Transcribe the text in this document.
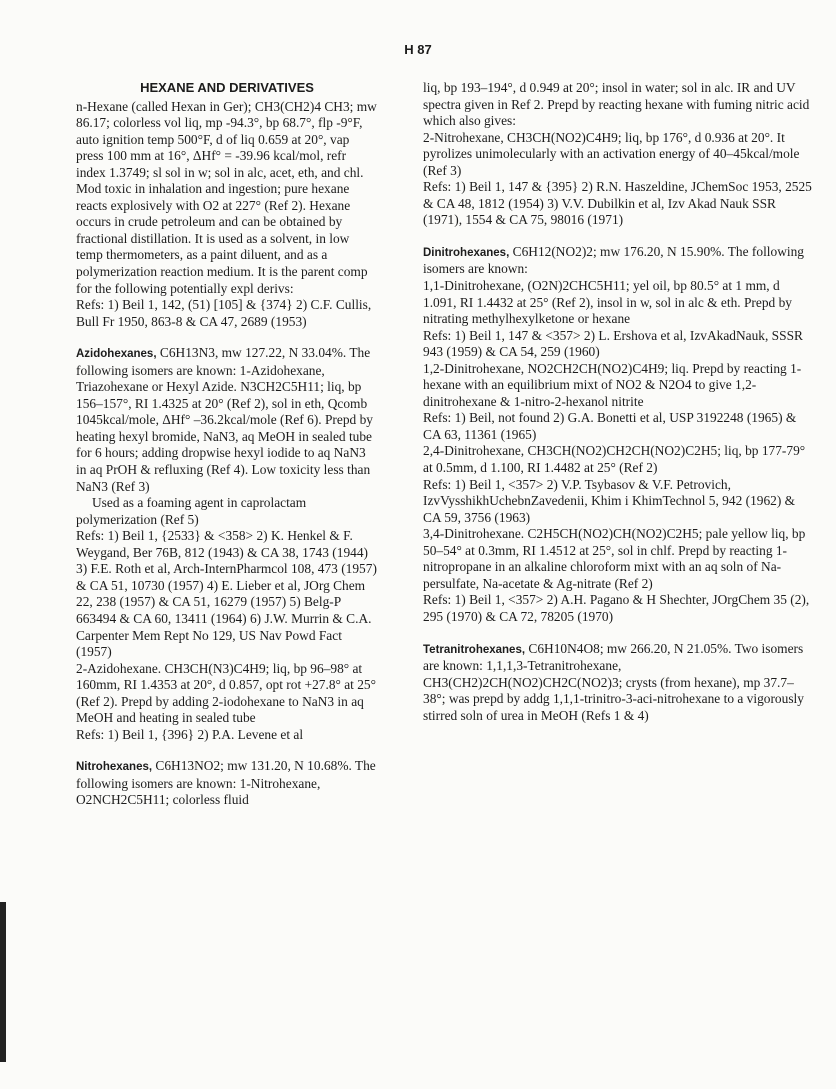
H 87
HEXANE AND DERIVATIVES

n-Hexane (called Hexan in Ger); CH3(CH2)4 CH3; mw 86.17; colorless vol liq, mp -94.3°, bp 68.7°, flp -9°F, auto ignition temp 500°F, d of liq 0.659 at 20°, vap press 100 mm at 16°, ΔHf° = -39.96 kcal/mol, refr index 1.3749; sl sol in w; sol in alc, acet, eth, and chl. Mod toxic in inhalation and ingestion; pure hexane reacts explosively with O2 at 227° (Ref 2). Hexane occurs in crude petroleum and can be obtained by fractional distillation. It is used as a solvent, in low temp thermometers, as a paint diluent, and as a polymerization reaction medium. It is the parent comp for the following potentially expl derivs:

Refs: 1) Beil 1, 142, (51) [105] & {374} 2) C.F. Cullis, Bull Fr 1950, 863-8 & CA 47, 2689 (1953)

Azidohexanes, C6H13N3, mw 127.22, N 33.04%. The following isomers are known: 1-Azidohexane, Triazohexane or Hexyl Azide. N3CH2C5H11; liq, bp 156–157°, RI 1.4325 at 20° (Ref 2), sol in eth, Qcomb 1045kcal/mole, ΔHf° –36.2kcal/mole (Ref 6). Prepd by heating hexyl bromide, NaN3, aq MeOH in sealed tube for 6 hours; adding dropwise hexyl iodide to aq NaN3 in aq PrOH & refluxing (Ref 4). Low toxicity less than NaN3 (Ref 3)

Used as a foaming agent in caprolactam polymerization (Ref 5)

Refs: 1) Beil 1, {2533} & <358> 2) K. Henkel & F. Weygand, Ber 76B, 812 (1943) & CA 38, 1743 (1944) 3) F.E. Roth et al, Arch-InternPharmcol 108, 473 (1957) & CA 51, 10730 (1957) 4) E. Lieber et al, JOrg Chem 22, 238 (1957) & CA 51, 16279 (1957) 5) Belg-P 663494 & CA 60, 13411 (1964) 6) J.W. Murrin & C.A. Carpenter Mem Rept No 129, US Nav Powd Fact (1957)

2-Azidohexane. CH3CH(N3)C4H9; liq, bp 96–98° at 160mm, RI 1.4353 at 20°, d 0.857, opt rot +27.8° at 25° (Ref 2). Prepd by adding 2-iodohexane to NaN3 in aq MeOH and heating in sealed tube

Refs: 1) Beil 1, {396} 2) P.A. Levene et al

Nitrohexanes, C6H13NO2; mw 131.20, N 10.68%. The following isomers are known: 1-Nitrohexane, O2NCH2C5H11; colorless fluid

liq, bp 193–194°, d 0.949 at 20°; insol in water; sol in alc. IR and UV spectra given in Ref 2. Prepd by reacting hexane with fuming nitric acid which also gives:

2-Nitrohexane, CH3CH(NO2)C4H9; liq, bp 176°, d 0.936 at 20°. It pyrolizes unimolecularly with an activation energy of 40–45kcal/mole (Ref 3)

Refs: 1) Beil 1, 147 & {395} 2) R.N. Haszeldine, JChemSoc 1953, 2525 & CA 48, 1812 (1954) 3) V.V. Dubilkin et al, Izv Akad Nauk SSR (1971), 1554 & CA 75, 98016 (1971)

Dinitrohexanes, C6H12(NO2)2; mw 176.20, N 15.90%. The following isomers are known:

1,1-Dinitrohexane, (O2N)2CHC5H11; yel oil, bp 80.5° at 1 mm, d 1.091, RI 1.4432 at 25° (Ref 2), insol in w, sol in alc & eth. Prepd by nitrating methylhexylketone or hexane

Refs: 1) Beil 1, 147 & <357> 2) L. Ershova et al, IzvAkadNauk, SSSR 943 (1959) & CA 54, 259 (1960)

1,2-Dinitrohexane, NO2CH2CH(NO2)C4H9; liq. Prepd by reacting 1-hexane with an equilibrium mixt of NO2 & N2O4 to give 1,2-dinitrohexane & 1-nitro-2-hexanol nitrite

Refs: 1) Beil, not found 2) G.A. Bonetti et al, USP 3192248 (1965) & CA 63, 11361 (1965)

2,4-Dinitrohexane, CH3CH(NO2)CH2CH(NO2)C2H5; liq, bp 177-79° at 0.5mm, d 1.100, RI 1.4482 at 25° (Ref 2)

Refs: 1) Beil 1, <357> 2) V.P. Tsybasov & V.F. Petrovich, IzvVysshikhUchebnZavedenii, Khim i KhimTechnol 5, 942 (1962) & CA 59, 3756 (1963)

3,4-Dinitrohexane. C2H5CH(NO2)CH(NO2)C2H5; pale yellow liq, bp 50–54° at 0.3mm, RI 1.4512 at 25°, sol in chlf. Prepd by reacting 1-nitropropane in an alkaline chloroform mixt with an aq soln of Na-persulfate, Na-acetate & Ag-nitrate (Ref 2)

Refs: 1) Beil 1, <357> 2) A.H. Pagano & H Shechter, JOrgChem 35 (2), 295 (1970) & CA 72, 78205 (1970)

Tetranitrohexanes, C6H10N4O8; mw 266.20, N 21.05%. Two isomers are known: 1,1,1,3-Tetranitrohexane, CH3(CH2)2CH(NO2)CH2C(NO2)3; crysts (from hexane), mp 37.7–38°; was prepd by addg 1,1,1-trinitro-3-aci-nitrohexane to a vigorously stirred soln of urea in MeOH (Refs 1 & 4)
